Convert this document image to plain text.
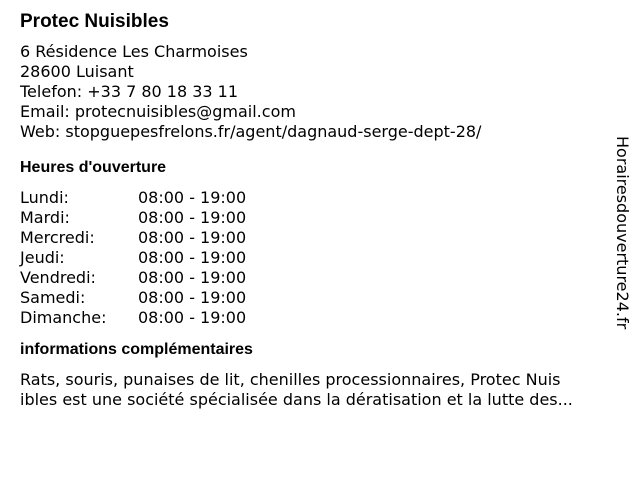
Protec Nuisibles
6 Résidence Les Charmoises
28600 Luisant
Telefon: +33 7 80 18 33 11
Email: protecnuisibles@gmail.com
Web: stopguepesfrelons.fr/agent/dagnaud-serge-dept-28/
Heures d'ouverture
Lundi:	08:00 - 19:00
Mardi:	08:00 - 19:00
Mercredi:	08:00 - 19:00
Jeudi:	08:00 - 19:00
Vendredi:	08:00 - 19:00
Samedi:	08:00 - 19:00
Dimanche:	08:00 - 19:00
informations complémentaires
Rats, souris, punaises de lit, chenilles processionnaires, Protec Nuis
ibles est une société spécialisée dans la dératisation et la lutte des...
Horairesdouverture24.fr
